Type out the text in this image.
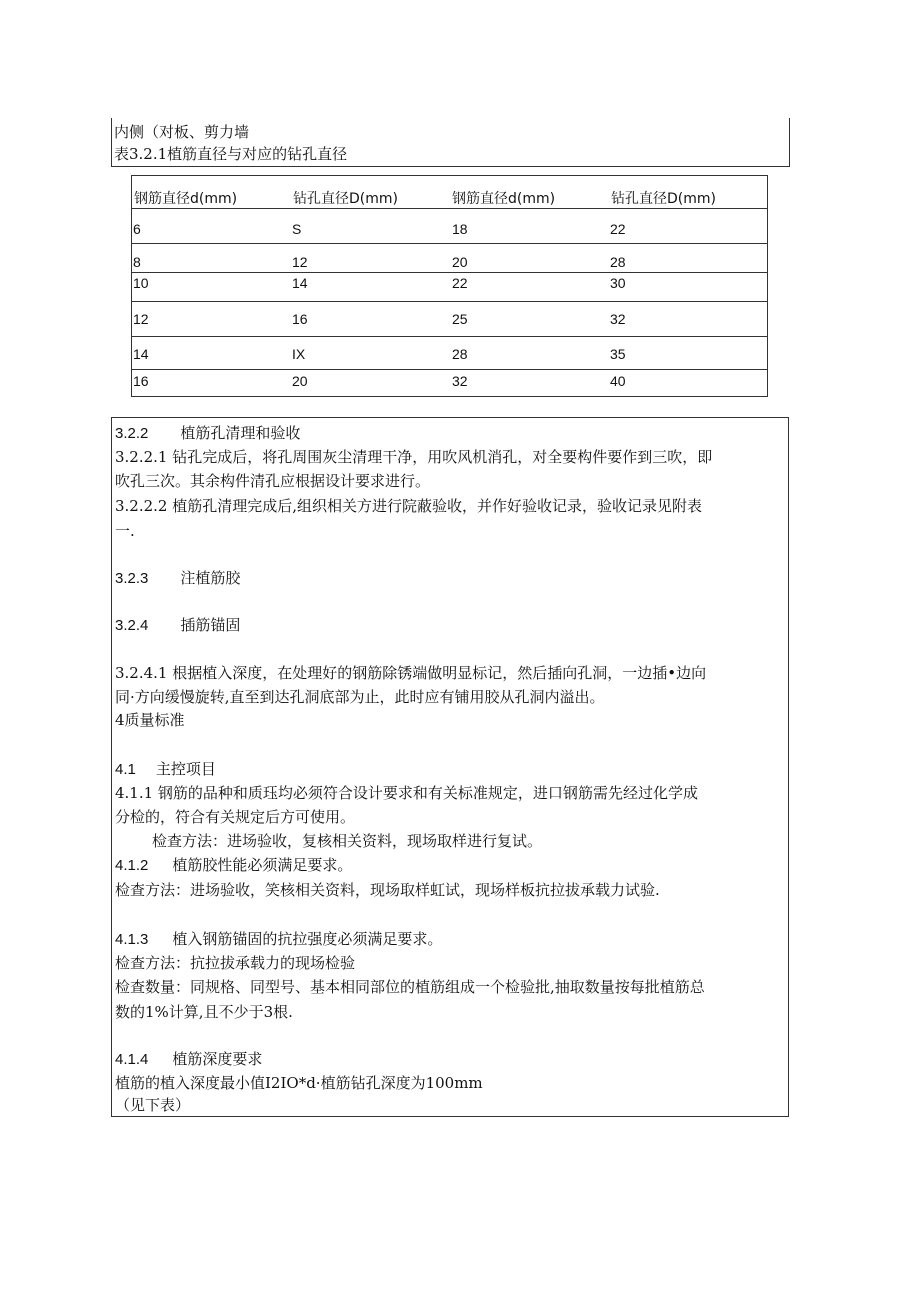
内侧（对板、剪力墙
表3.2.1植筋直径与对应的钻孔直径
钢筋直径d(mm)	钻孔直径D(mm)	钢筋直径d(mm)	钻孔直径D(mm)
6	S	18	22
8	12	20	28
10	14	22	30
12	16	25	32
14	IX	28	35
16	20	32	40
3.2.2 植筋孔清理和验收
3.2.2.1 钻孔完成后，将孔周围灰尘清理干净，用吹风机消孔，对全要构件要作到三吹，即
吹孔三次。其余构件清孔应根据设计要求进行。
3.2.2.2 植筋孔清理完成后,组织相关方进行院蔽验收，并作好验收记录，验收记录见附表
一.
3.2.3 注植筋胶
3.2.4 插筋锚固
3.2.4.1 根据植入深度，在处理好的钢筋除锈端做明显标记，然后插向孔洞，一边插•边向
同·方向缓慢旋转,直至到达孔洞底部为止，此时应有铺用胶从孔洞内溢出。
4质量标准
4.1 主控项目
4.1.1 钢筋的品种和质珏均必须符合设计要求和有关标准规定，进口钢筋需先经过化学成
分检的，符合有关规定后方可使用。
检查方法：进场验收，复核相关资料，现场取样进行复试。
4.1.2 植筋胶性能必须满足要求。
检查方法：进场验收，笑核相关资料，现场取样虹试，现场样板抗拉拔承载力试验.
4.1.3 植入钢筋锚固的抗拉强度必须满足要求。
检查方法：抗拉拔承载力的现场检验
检查数量：同规格、同型号、基本相同部位的植筋组成一个检验批,抽取数量按每批植筋总
数的1%计算,且不少于3根.
4.1.4 植筋深度要求
植筋的植入深度最小值I2IO*d·植筋钻孔深度为100mm
（见下表）
